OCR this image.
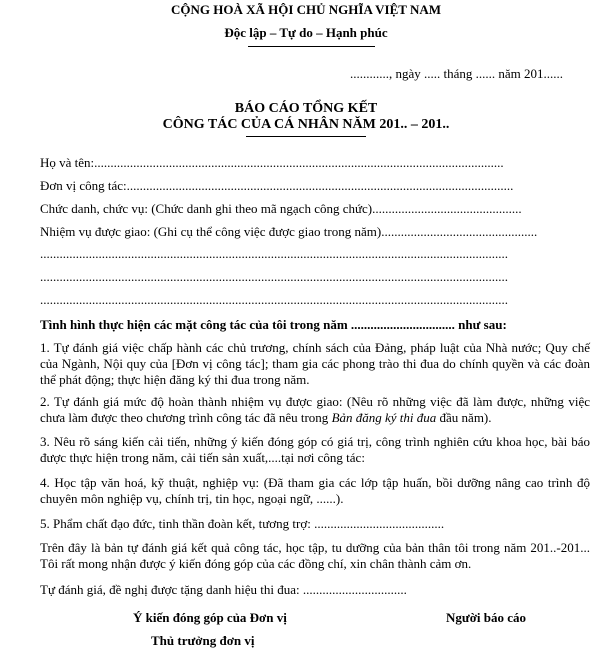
CỘNG HOÀ XÃ HỘI CHỦ NGHĨA VIỆT NAM
Độc lập – Tự do – Hạnh phúc
............, ngày ..... tháng ...... năm 201......
BÁO CÁO TỔNG KẾT
CÔNG TÁC CỦA CÁ NHÂN NĂM 201.. – 201..
Họ và tên:..............................................................................................................................
Đơn vị công tác:.......................................................................................................................
Chức danh, chức vụ: (Chức danh ghi theo mã ngạch công chức)..............................................
Nhiệm vụ được giao: (Ghi cụ thể công việc được giao trong năm)................................................
................................................................................................................................................
................................................................................................................................................
................................................................................................................................................
Tình hình thực hiện các mặt công tác của tôi trong năm ................................ như sau:
1. Tự đánh giá việc chấp hành các chủ trương, chính sách của Đảng, pháp luật của Nhà nước; Quy chế của Ngành, Nội quy của [Đơn vị công tác]; tham gia các phong trào thi đua do chính quyền và các đoàn thể phát động; thực hiện đăng ký thi đua trong năm.
2. Tự đánh giá mức độ hoàn thành nhiệm vụ được giao: (Nêu rõ những việc đã làm được, những việc chưa làm được theo chương trình công tác đã nêu trong Bản đăng ký thi đua đầu năm).
3. Nêu rõ sáng kiến cải tiến, những ý kiến đóng góp có giá trị, công trình nghiên cứu khoa học, bài báo được thực hiện trong năm, cải tiến sản xuất,....tại nơi công tác:
4. Học tập văn hoá, kỹ thuật, nghiệp vụ: (Đã tham gia các lớp tập huấn, bồi dưỡng nâng cao trình độ chuyên môn nghiệp vụ, chính trị, tin học, ngoại ngữ, ......).
5. Phẩm chất đạo đức, tinh thần đoàn kết, tương trợ: ........................................
Trên đây là bản tự đánh giá kết quả công tác, học tập, tu dưỡng của bản thân tôi trong năm 201..-201... Tôi rất mong nhận được ý kiến đóng góp của các đồng chí, xin chân thành cảm ơn.
Tự đánh giá, đề nghị được tặng danh hiệu thi đua: ................................
Ý kiến đóng góp của Đơn vị	Người báo cáo
Thủ trưởng đơn vị
